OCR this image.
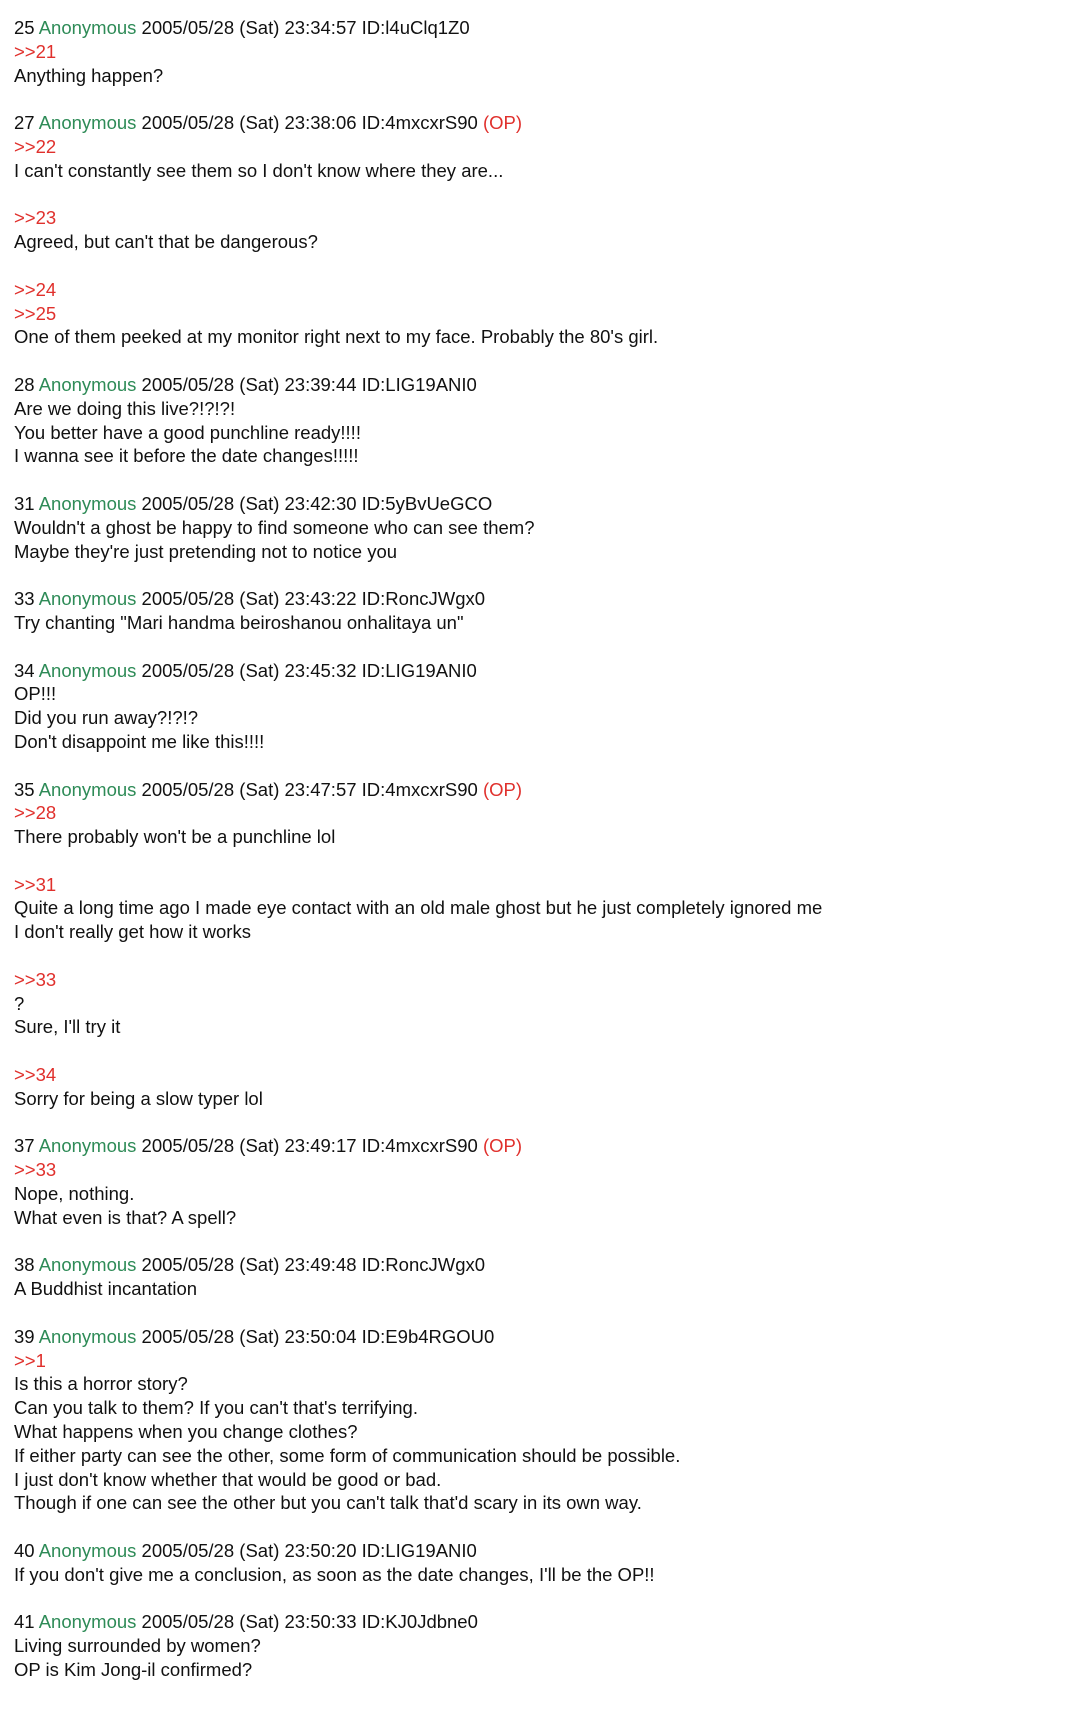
25 Anonymous 2005/05/28 (Sat) 23:34:57 ID:l4uClq1Z0
>>21
Anything happen?
27 Anonymous 2005/05/28 (Sat) 23:38:06 ID:4mxcxrS90 (OP)
>>22
I can't constantly see them so I don't know where they are...
>>23
Agreed, but can't that be dangerous?
>>24
>>25
One of them peeked at my monitor right next to my face. Probably the 80's girl.
28 Anonymous 2005/05/28 (Sat) 23:39:44 ID:LIG19ANI0
Are we doing this live?!?!?!
You better have a good punchline ready!!!!
I wanna see it before the date changes!!!!!
31 Anonymous 2005/05/28 (Sat) 23:42:30 ID:5yBvUeGCO
Wouldn't a ghost be happy to find someone who can see them?
Maybe they're just pretending not to notice you
33 Anonymous 2005/05/28 (Sat) 23:43:22 ID:RoncJWgx0
Try chanting "Mari handma beiroshanou onhalitaya un"
34 Anonymous 2005/05/28 (Sat) 23:45:32 ID:LIG19ANI0
OP!!!
Did you run away?!?!?
Don't disappoint me like this!!!!
35 Anonymous 2005/05/28 (Sat) 23:47:57 ID:4mxcxrS90 (OP)
>>28
There probably won't be a punchline lol
>>31
Quite a long time ago I made eye contact with an old male ghost but he just completely ignored me
I don't really get how it works
>>33
?
Sure, I'll try it
>>34
Sorry for being a slow typer lol
37 Anonymous 2005/05/28 (Sat) 23:49:17 ID:4mxcxrS90 (OP)
>>33
Nope, nothing.
What even is that? A spell?
38 Anonymous 2005/05/28 (Sat) 23:49:48 ID:RoncJWgx0
A Buddhist incantation
39 Anonymous 2005/05/28 (Sat) 23:50:04 ID:E9b4RGOU0
>>1
Is this a horror story?
Can you talk to them? If you can't that's terrifying.
What happens when you change clothes?
If either party can see the other, some form of communication should be possible.
I just don't know whether that would be good or bad.
Though if one can see the other but you can't talk that'd scary in its own way.
40 Anonymous 2005/05/28 (Sat) 23:50:20 ID:LIG19ANI0
If you don't give me a conclusion, as soon as the date changes, I'll be the OP!!
41 Anonymous 2005/05/28 (Sat) 23:50:33 ID:KJ0Jdbne0
Living surrounded by women?
OP is Kim Jong-il confirmed?
